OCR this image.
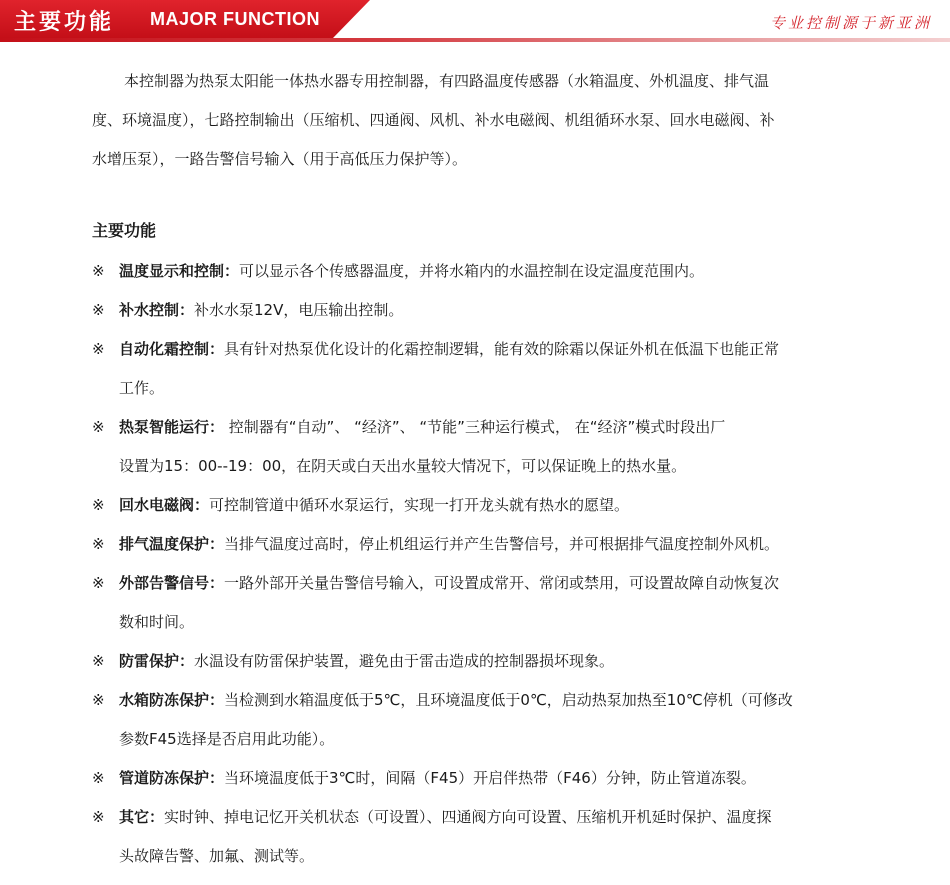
主要功能 MAJOR FUNCTION	专业控制源于新亚洲
本控制器为热泵太阳能一体热水器专用控制器，有四路温度传感器（水箱温度、外机温度、排气温
度、环境温度），七路控制输出（压缩机、四通阀、风机、补水电磁阀、机组循环水泵、回水电磁阀、补
水增压泵），一路告警信号输入（用于高低压力保护等）。
主要功能
※ 温度显示和控制：可以显示各个传感器温度，并将水箱内的水温控制在设定温度范围内。
※ 补水控制：补水水泵12V，电压输出控制。
※ 自动化霜控制：具有针对热泵优化设计的化霜控制逻辑，能有效的除霜以保证外机在低温下也能正常
工作。
※ 热泵智能运行： 控制器有“自动”、 “经济”、 “节能”三种运行模式， 在“经济”模式时段出厂
设置为15：00--19：00，在阴天或白天出水量较大情况下，可以保证晚上的热水量。
※ 回水电磁阀：可控制管道中循环水泵运行，实现一打开龙头就有热水的愿望。
※ 排气温度保护：当排气温度过高时，停止机组运行并产生告警信号，并可根据排气温度控制外风机。
※ 外部告警信号：一路外部开关量告警信号输入，可设置成常开、常闭或禁用，可设置故障自动恢复次
数和时间。
※ 防雷保护：水温设有防雷保护装置，避免由于雷击造成的控制器损坏现象。
※ 水箱防冻保护：当检测到水箱温度低于5℃，且环境温度低于0℃，启动热泵加热至10℃停机（可修改
参数F45选择是否启用此功能）。
※ 管道防冻保护：当环境温度低于3℃时，间隔（F45）开启伴热带（F46）分钟，防止管道冻裂。
※ 其它：实时钟、掉电记忆开关机状态（可设置）、四通阀方向可设置、压缩机开机延时保护、温度探
头故障告警、加氟、测试等。
